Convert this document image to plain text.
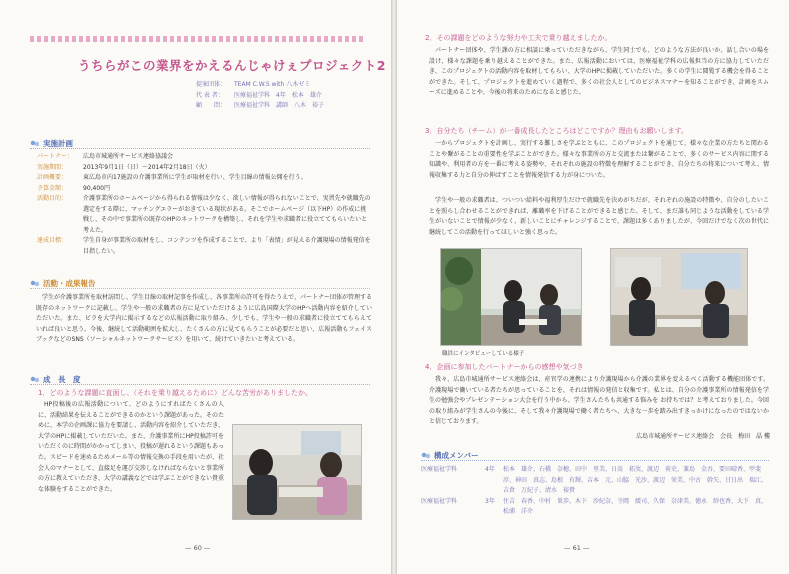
うちらがこの業界をかえるんじゃけぇプロジェクト2
提案団体：	TEAM C.W.S with 八木ゼミ
代 表 者：	医療福祉学科　4年　松本　雄介
顧　　問：	医療福祉学科　講師　八木　裕子
実施計画
パートナー：	広島市城通所サービス連絡協議会
実施期間：	2013年9月1日（日）～2014年2月18日（火）
計画概要：	東広島市内17施設の介護事業所に学生が取材を行い、学生目線の情報公開を行う。
予算金額：	90,400円
活動目的：	介護事業所のホームページから得られる情報は少なく、欲しい情報が得られないことで、実習先や就職先の選定をする際に、マッチングエラーがおきている現状がある。そこでホームページ（以下HP）の作成に挑戦し、その中で事業所の既存のHPのネットワークを構築し、それを学生や求職者に役立ててもらいたいと考えた。
達成目標：	学生自身が事業所の取材をし、コンテンツを作成することで、より「表情」が見える介護現場の情報発信を目指したい。
活動・成果報告
学生が介護事業所を取材訪問し、学生目線の取材記事を作成し、各事業所の許可を得たうえで、パートナー団体が管理する既存のネットワークに記載し、学生や一般の求職者の方に見ていただけるように広島国際大学のHPへ活動内容を紹介していただいた。また、ビラを大学内に掲示するなどの広報活動に取り組み、少しでも、学生や一般の求職者に役立ててもらえていれば良いと思う。今後、継続して活動範囲を拡大し、たくさんの方に見てもらうことが必要だと思い、広報活動もフェイスブックなどのSNS（ソーシャルネットワークサービス）を用いて、続けていきたいと考えている。
成　長　度
1．どのような課題に直面し、（それを乗り越えるために）どんな苦労がありましたか。
HP投稿後の広報活動について、どのようにすればたくさんの人に、活動結果を伝えることができるのかという課題があった。そのために、本学の企画課に協力を要請し、活動内容を紹介していただき、大学のHPに掲載していただいた。また、介護事業所にHP投稿許可をいただくのに時間がかかってしまい、投稿が遅れるという課題もあった。スピードを速めるためメール等の情報交換の手段を用いたが、社会人のマナーとして、直接足を運び交渉しなければならないと事業所の方に教えていただき、大学の講義などでは学ぶことができない貴重な体験をすることができた。
— 60 —
2．その課題をどのような努力や工夫で乗り越えましたか。
パートナー団体や、学生課の方に相談に乗っていただきながら、学生同士でも、どのような方法が良いか、話し合いの場を設け、様々な課題を乗り越えることができた。また、広報活動においては、医療福祉学科の広報担当の方に協力していただき、このプロジェクトの活動内容を取材してもらい、大学のHPに掲載していただいた。多くの学生に閲覧する機会を得ることができた。そして、プロジェクトを進めていく過程で、多くの社会人としてのビジネスマナーを知ることができ、計画をスムーズに進めることや、今後の将来のためになると感じた。
3．自分たち（チーム）が一番成長したところはどこですか？理由もお願いします。
一からプロジェクトを計画し、実行する難しさを学ぶとともに、このプロジェクトを通じて、様々な企業の方たちと関わることや繋がることの重要性を学ぶことができた。様々な事業所の方と交流または繋がることで、多くのサービス内容に関する知識や、利用者の方を一番に考える姿勢や、それぞれの施設の特徴を理解することができ、自分たちの将来について考え、情報収集する力と自分の伸ばすことを情報発信する力が身についた。
学生や一般の求職者は、ついつい給料や福利厚生だけで就職先を決めがちだが、それぞれの施設の特徴や、自分のしたいことを照らし合わせることができれば、離職率を下げることができると感じた。そして、まだ誰も同じような活動をしている学生がいないことで情報が少なく、新しいことにチャレンジすることで、課題は多くありましたが、今回だけでなく次の世代に継続してこの活動を行ってほしいと強く思った。
職員にインタビューしている様子
4．企画に参加したパートナーからの感想や気づき
我々、広島市城通所サービス連絡会は、産官学の連携により介護現場から介護の業界を変えるべく活動する機能団体です。介護現場で働いている者たちが思っていることを、それは情報の発信と収集です。私とは、自分の介護事業所の情報発信を学生の勉強会やプレゼンテーション大会を行う中から、学生さんたちも共通する悩みを お持ちでは？と考えておりました。今回の取り組みが学生さんの今後に、そして我々介護現場で働く者たちへ、大きな一歩を踏み出すきっかけになったのではないかと信じております。
広島市城通所サービス連絡会　会長　梅田　晶 樓
構成メンバー
医療福祉学科	4年	松本　雄介、石橋　奈穂、田中　里美、日髙　拓実、渡辺　荷史、兼島　金吾、要田晴香、甲斐　淳、神田　真志、島根　有輝、吉本　元、山脇　光沙、渡辺　栄美、中古　幹矢、甘日出　瑞江、吉倉　万紀子、清水　裕貴
医療福祉学科	3年	住吉　春香、中村　果歩、木下　沙紀奈、寺岡　緩司、久保　奈津美、徳永　紗也香、大下　真、松浦　洋介
— 61 —
